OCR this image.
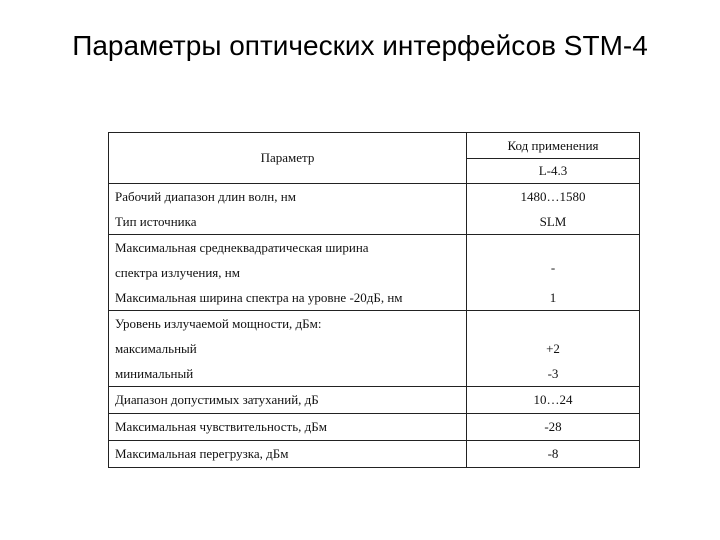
Параметры оптических интерфейсов STM-4
Параметр	Код применения
	L-4.3
Рабочий диапазон длин волн, нм	1480…1580
Тип источника	SLM
Максимальная среднеквадратическая ширина	
спектра излучения, нм	-
Максимальная ширина спектра на уровне -20дБ, нм	1
Уровень излучаемой мощности, дБм:	
максимальный	+2
минимальный	-3
Диапазон допустимых затуханий, дБ	10…24
Максимальная чувствительность, дБм	-28
Максимальная перегрузка, дБм	-8
